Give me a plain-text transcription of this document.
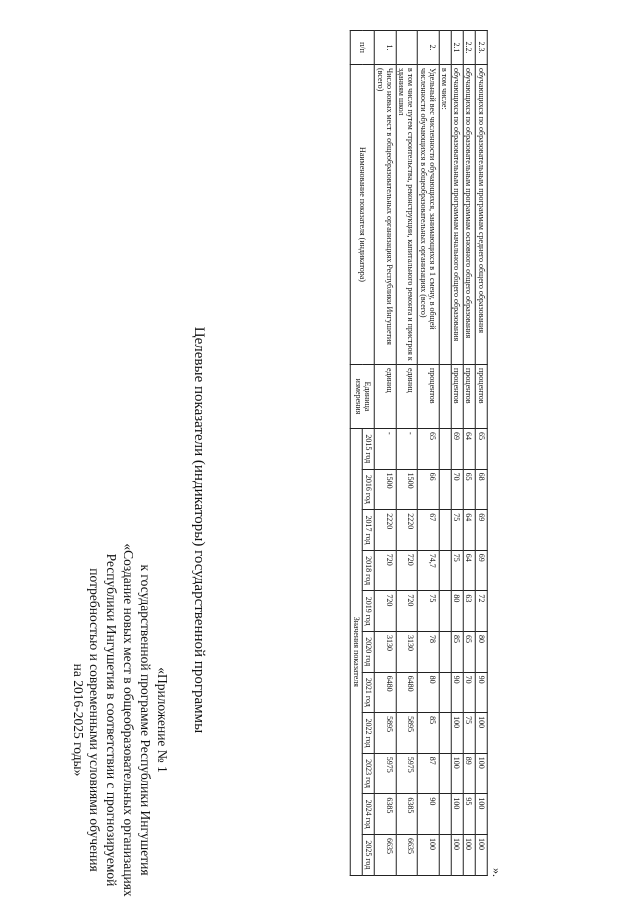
«Приложение № 1
к государственной программе Республики Ингушетия
«Создание новых мест в общеобразовательных организациях
Республики Ингушетия в соответствии с прогнозируемой
потребностью и современными условиями обучения
на 2016-2025 годы»	Целевые показатели (индикаторы) государственной программы
п/п	Наименование показателя (индикатора)	Единица измерения	Значения показателя										
			2015 год	2016 год	2017 год	2018 год	2019 год	2020 год	2021 год	2022 год	2023 год	2024 год	2025 год
1.	Число новых мест в общеобразовательных организациях Республики Ингушетия (всего)	единиц	-	1500	2220	720	720	3130	6480	5895	5975	6385	6635
	в том числе путем строительства, реконструкции, капитального ремонта и пристроя к зданиям школ	единиц	-	1500	2220	720	720	3130	6480	5895	5975	6385	6635
2.	Удельный вес численности обучающихся, занимающихся в 1 смену, в общей численности обучающихся в общеобразовательных организациях (всего)	процентов	65	66	67	74,7	75	78	80	85	87	90	100
	в том числе:												
2.1	обучающихся по образовательным программам начального общего образования	процентов	69	70	75	75	80	85	90	100	100	100	100
2.2.	обучающихся по образовательным программам основного общего образования	процентов	64	65	64	64	63	65	70	75	89	95	100
2.3.	обучающихся по образовательным программам среднего общего образования	процентов	65	68	69	69	72	80	90	100	100	100	100
».
